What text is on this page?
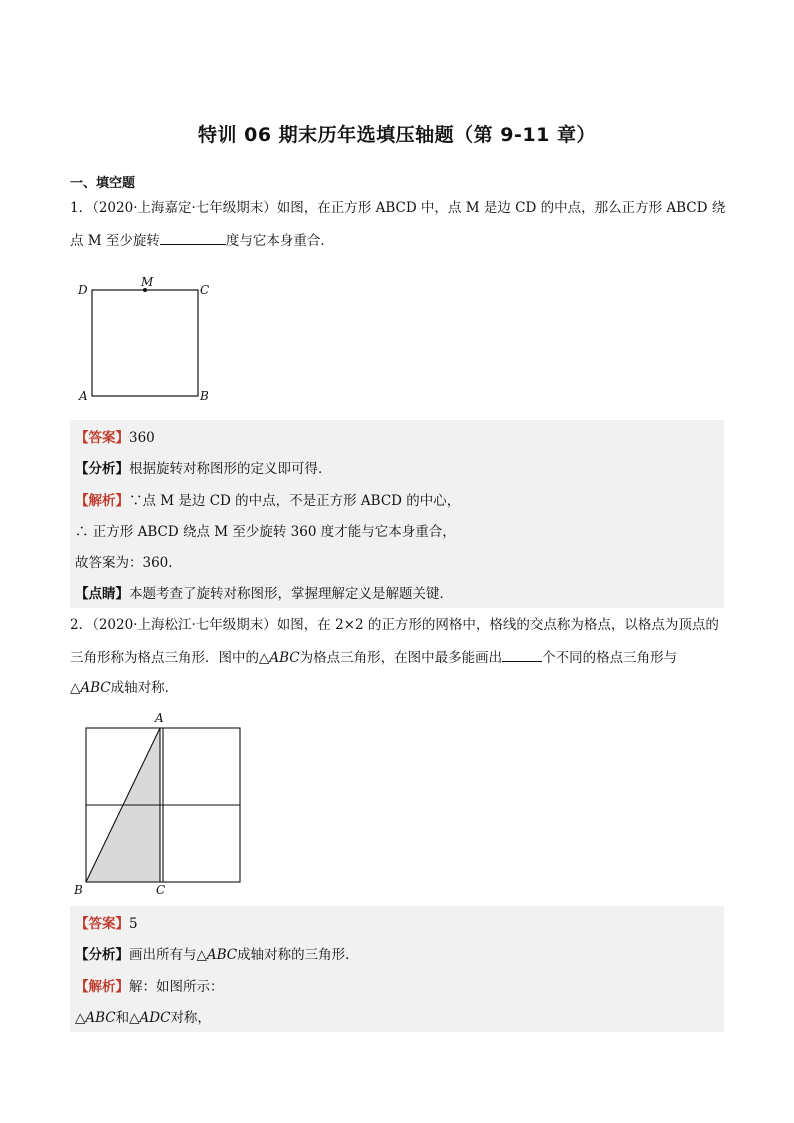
特训 06 期末历年选填压轴题（第 9-11 章）
一、填空题
1．（2020·上海嘉定·七年级期末）如图，在正方形 ABCD 中，点 M 是边 CD 的中点，那么正方形 ABCD 绕
点 M 至少旋转	度与它本身重合．
D
M
C
A	B
【答案】360
【分析】根据旋转对称图形的定义即可得．
【解析】∵点 M 是边 CD 的中点，不是正方形 ABCD 的中心，
∴ 正方形 ABCD 绕点 M 至少旋转 360 度才能与它本身重合，
故答案为：360．
【点睛】本题考查了旋转对称图形，掌握理解定义是解题关键．
2．（2020·上海松江·七年级期末）如图，在 2×2 的正方形的网格中，格线的交点称为格点，以格点为顶点的
三角形称为格点三角形．图中的△ABC为格点三角形，在图中最多能画出	个不同的格点三角形与
△ABC成轴对称．
A
B	C
【答案】5
【分析】画出所有与△ABC成轴对称的三角形．
【解析】解：如图所示：
△ABC和△ADC对称，
